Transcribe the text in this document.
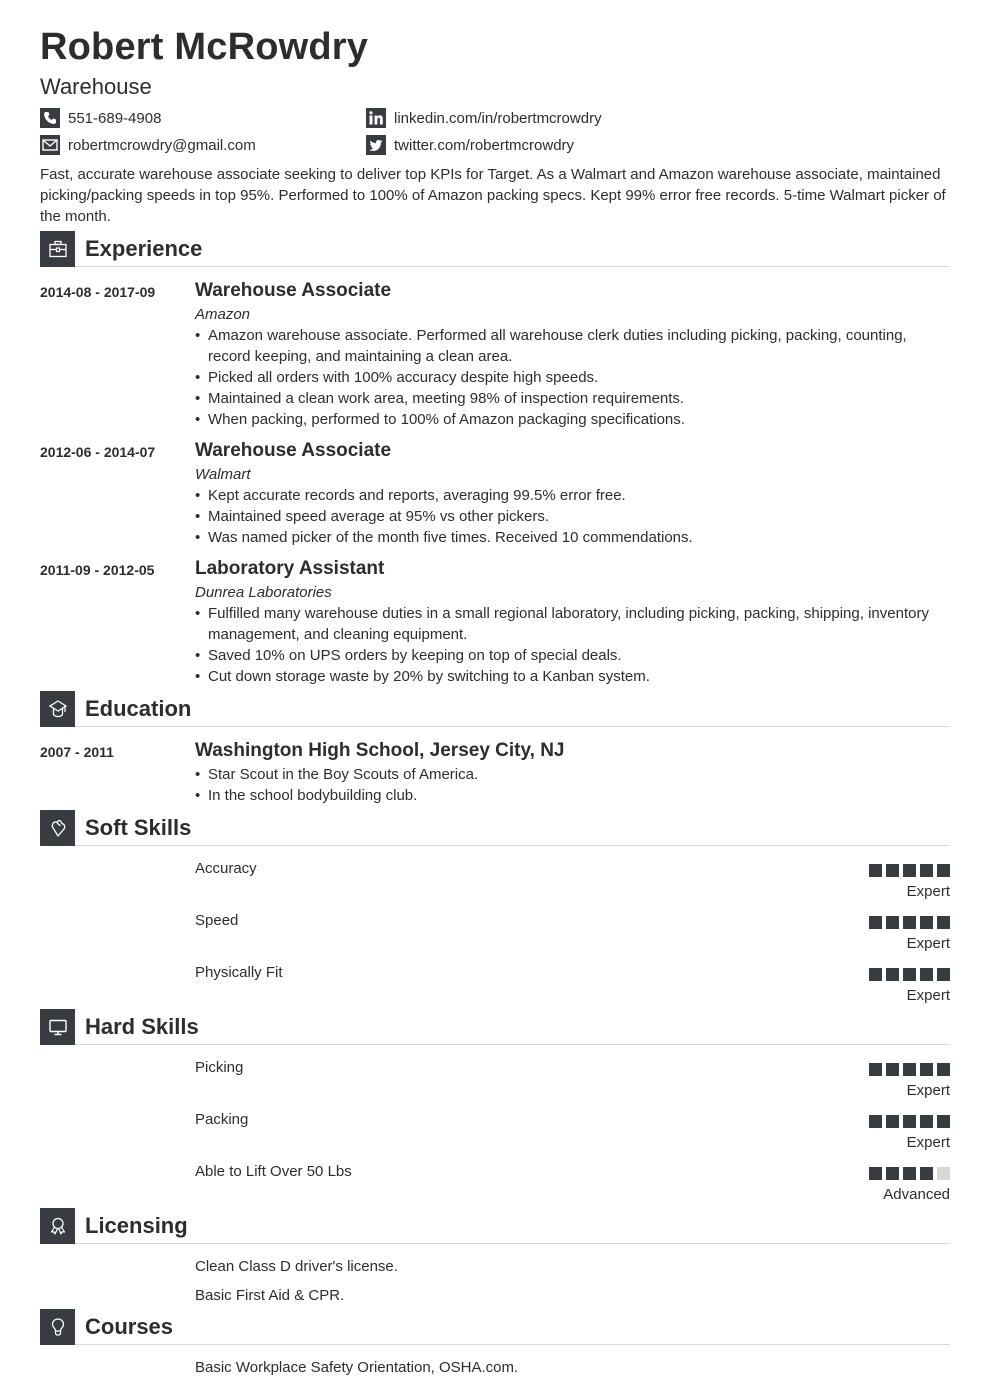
Robert McRowdry
Warehouse
551-689-4908
robertmcrowdry@gmail.com
linkedin.com/in/robertmcrowdry
twitter.com/robertmcrowdry
Fast, accurate warehouse associate seeking to deliver top KPIs for Target. As a Walmart and Amazon warehouse associate, maintained picking/packing speeds in top 95%. Performed to 100% of Amazon packing specs. Kept 99% error free records. 5-time Walmart picker of the month.
Experience
2014-08 - 2017-09 Warehouse Associate
Amazon
• Amazon warehouse associate. Performed all warehouse clerk duties including picking, packing, counting, record keeping, and maintaining a clean area.
• Picked all orders with 100% accuracy despite high speeds.
• Maintained a clean work area, meeting 98% of inspection requirements.
• When packing, performed to 100% of Amazon packaging specifications.
2012-06 - 2014-07 Warehouse Associate
Walmart
• Kept accurate records and reports, averaging 99.5% error free.
• Maintained speed average at 95% vs other pickers.
• Was named picker of the month five times. Received 10 commendations.
2011-09 - 2012-05 Laboratory Assistant
Dunrea Laboratories
• Fulfilled many warehouse duties in a small regional laboratory, including picking, packing, shipping, inventory management, and cleaning equipment.
• Saved 10% on UPS orders by keeping on top of special deals.
• Cut down storage waste by 20% by switching to a Kanban system.
Education
2007 - 2011	Washington High School, Jersey City, NJ
• Star Scout in the Boy Scouts of America.
• In the school bodybuilding club.
Soft Skills
Accuracy
Expert
Speed
Expert
Physically Fit
Expert
Hard Skills
Picking
Expert
Packing
Expert
Able to Lift Over 50 Lbs
Advanced
Licensing
Clean Class D driver's license.
Basic First Aid & CPR.
Courses
Basic Workplace Safety Orientation, OSHA.com.
